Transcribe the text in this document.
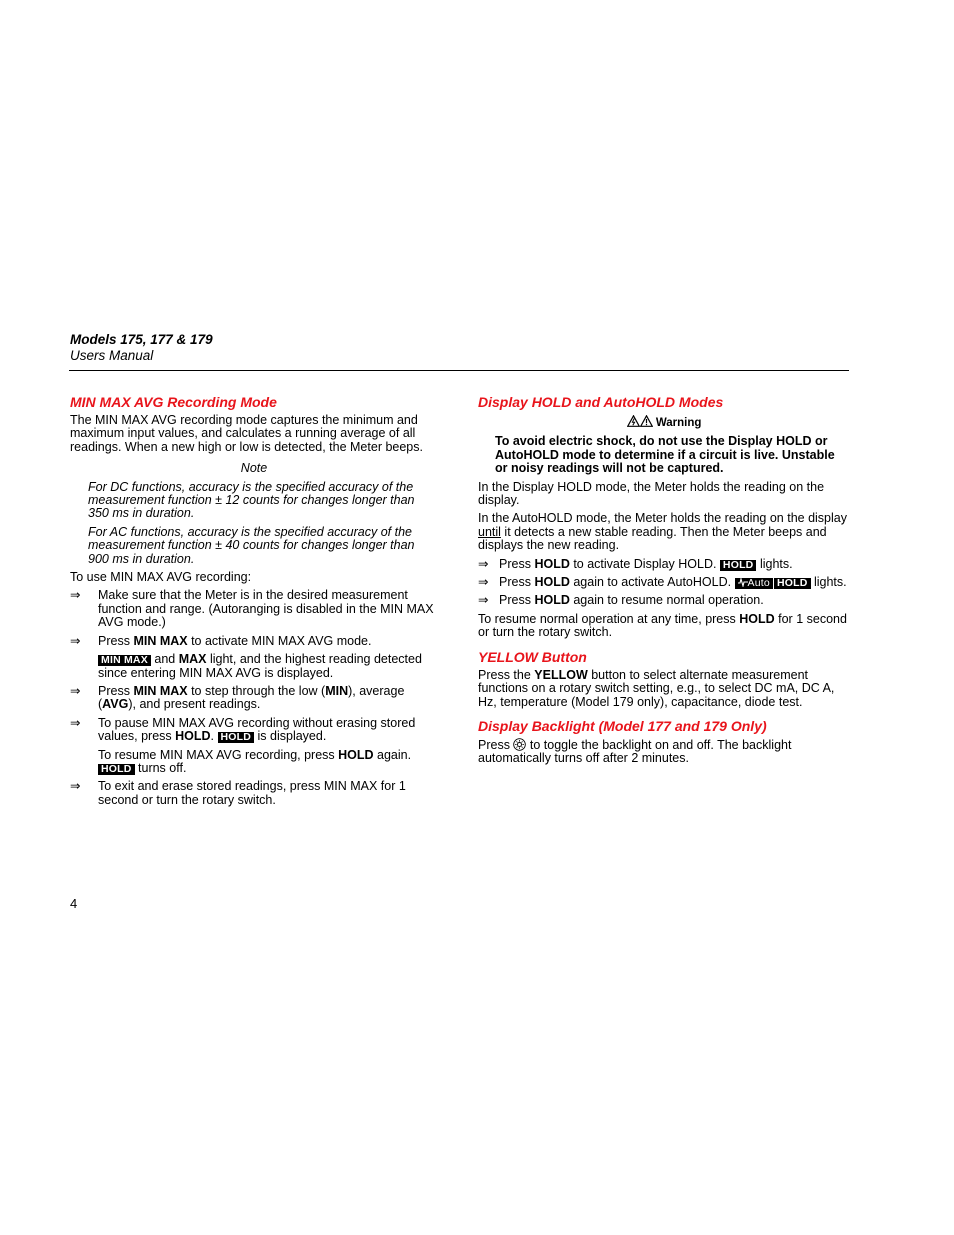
Models 175, 177 & 179
Users Manual
MIN MAX AVG Recording Mode

The MIN MAX AVG recording mode captures the minimum and maximum input values, and calculates a running average of all readings. When a new high or low is detected, the Meter beeps.

Note

For DC functions, accuracy is the specified accuracy of the measurement function ± 12 counts for changes longer than 350 ms in duration.

For AC functions, accuracy is the specified accuracy of the measurement function ± 40 counts for changes longer than 900 ms in duration.

To use MIN MAX AVG recording:

⇒ Make sure that the Meter is in the desired measurement function and range. (Autoranging is disabled in the MIN MAX AVG mode.)
⇒ Press MIN MAX to activate MIN MAX AVG mode.
MIN MAX and MAX light, and the highest reading detected since entering MIN MAX AVG is displayed.
⇒ Press MIN MAX to step through the low (MIN), average (AVG), and present readings.
⇒ To pause MIN MAX AVG recording without erasing stored values, press HOLD. HOLD is displayed.
To resume MIN MAX AVG recording, press HOLD again.
HOLD turns off.
⇒ To exit and erase stored readings, press MIN MAX for 1 second or turn the rotary switch.
Display HOLD and AutoHOLD Modes
Warning

To avoid electric shock, do not use the Display HOLD or AutoHOLD mode to determine if a circuit is live. Unstable or noisy readings will not be captured.

In the Display HOLD mode, the Meter holds the reading on the display.

In the AutoHOLD mode, the Meter holds the reading on the display until it detects a new stable reading. Then the Meter beeps and displays the new reading.

⇒ Press HOLD to activate Display HOLD. HOLD lights.
⇒ Press HOLD again to activate AutoHOLD. Auto HOLD lights.
⇒ Press HOLD again to resume normal operation.

To resume normal operation at any time, press HOLD for 1 second or turn the rotary switch.

YELLOW Button

Press the YELLOW button to select alternate measurement functions on a rotary switch setting, e.g., to select DC mA, DC A, Hz, temperature (Model 179 only), capacitance, diode test.

Display Backlight (Model 177 and 179 Only)

Press  to toggle the backlight on and off. The backlight automatically turns off after 2 minutes.

4
